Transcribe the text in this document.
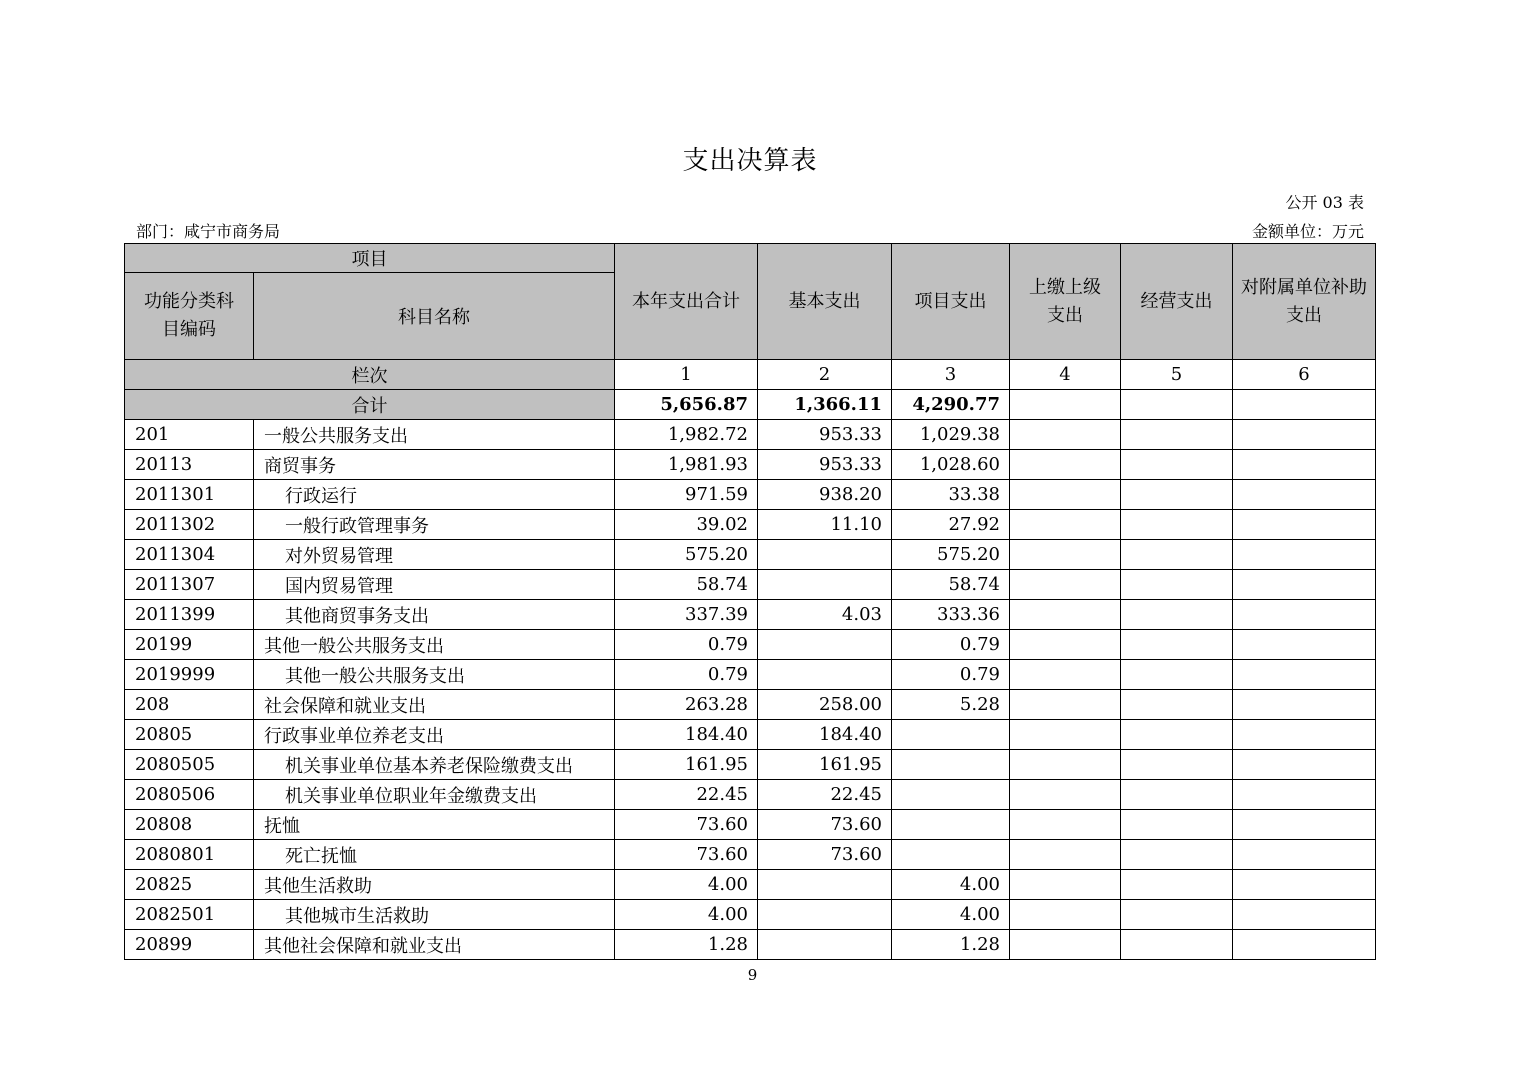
支出决算表
公开 03 表
部门：咸宁市商务局	金额单位：万元
项目		本年支出合计	基本支出	项目支出	上缴上级支出	经营支出	对附属单位补助支出
功能分类科目编码	科目名称						
栏次		1	2	3	4	5	6
合计		5,656.87	1,366.11	4,290.77			
201	一般公共服务支出	1,982.72	953.33	1,029.38			
20113	商贸事务	1,981.93	953.33	1,028.60			
2011301	行政运行	971.59	938.20	33.38			
2011302	一般行政管理事务	39.02	11.10	27.92			
2011304	对外贸易管理	575.20		575.20			
2011307	国内贸易管理	58.74		58.74			
2011399	其他商贸事务支出	337.39	4.03	333.36			
20199	其他一般公共服务支出	0.79		0.79			
2019999	其他一般公共服务支出	0.79		0.79			
208	社会保障和就业支出	263.28	258.00	5.28			
20805	行政事业单位养老支出	184.40	184.40				
2080505	机关事业单位基本养老保险缴费支出	161.95	161.95				
2080506	机关事业单位职业年金缴费支出	22.45	22.45				
20808	抚恤	73.60	73.60				
2080801	死亡抚恤	73.60	73.60				
20825	其他生活救助	4.00		4.00			
2082501	其他城市生活救助	4.00		4.00			
20899	其他社会保障和就业支出	1.28		1.28			
9
